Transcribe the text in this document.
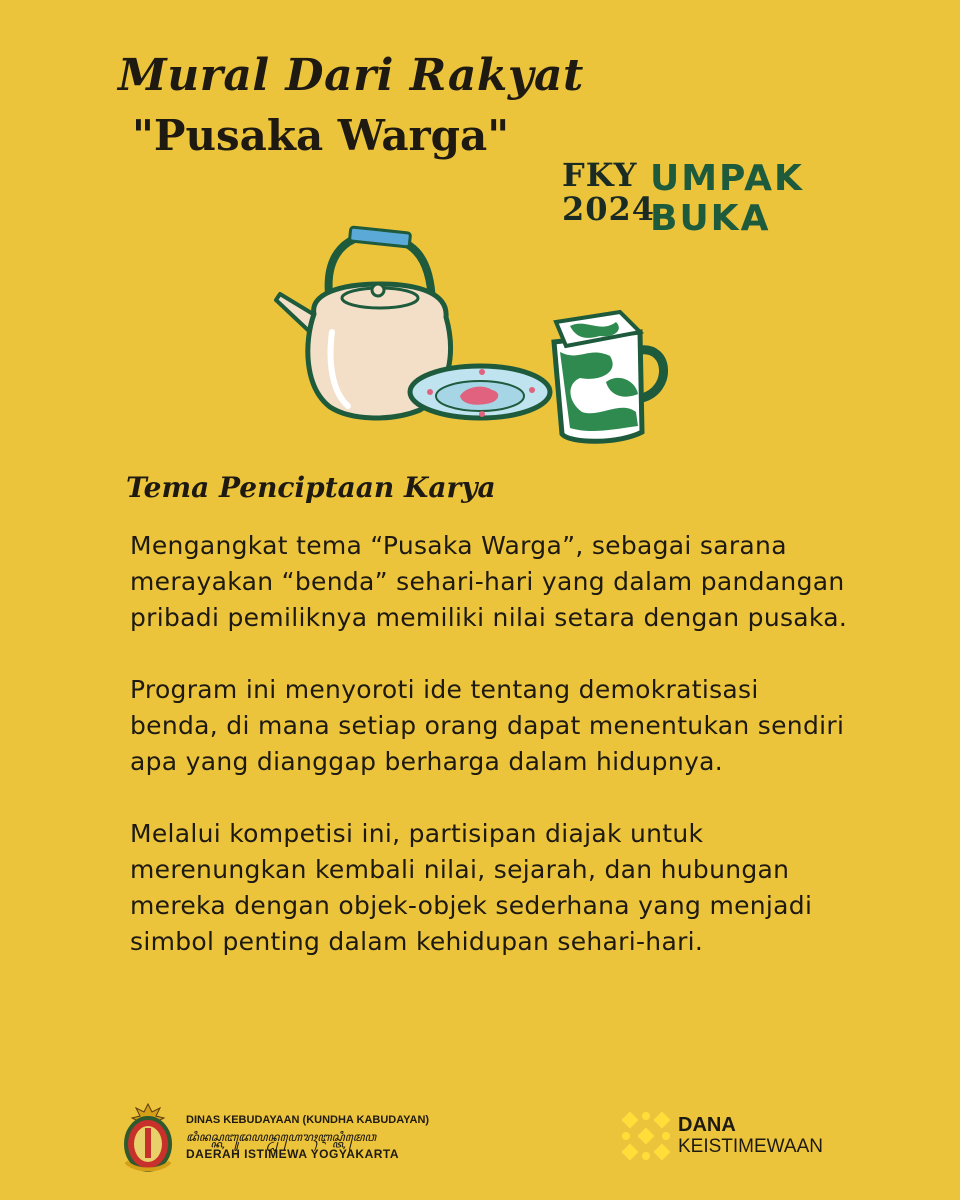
Mural Dari Rakyat
"Pusaka Warga"
FKY
2024
UMPAK
BUKA
Tema Penciptaan Karya

Mengangkat tema “Pusaka Warga”, sebagai sarana merayakan “benda” sehari-hari yang dalam pandangan pribadi pemiliknya memiliki nilai setara dengan pusaka.

Program ini menyoroti ide tentang demokratisasi benda, di mana setiap orang dapat menentukan sendiri apa yang dianggap berharga dalam hidupnya.

Melalui kompetisi ini, partisipan diajak untuk merenungkan kembali nilai, sejarah, dan hubungan mereka dengan objek-objek sederhana yang menjadi simbol penting dalam kehidupan sehari-hari.

DINAS KEBUDAYAAN (KUNDHA KABUDAYAN)
ꦢꦶꦤꦱ꧀ꦏꦧꦸꦢꦪꦤ꧀ꦝꦲꦺꦫꦃꦆꦱ꧀ꦠꦶꦩꦺꦮ
DAERAH ISTIMEWA YOGYAKARTA
DANA
KEISTIMEWAAN
